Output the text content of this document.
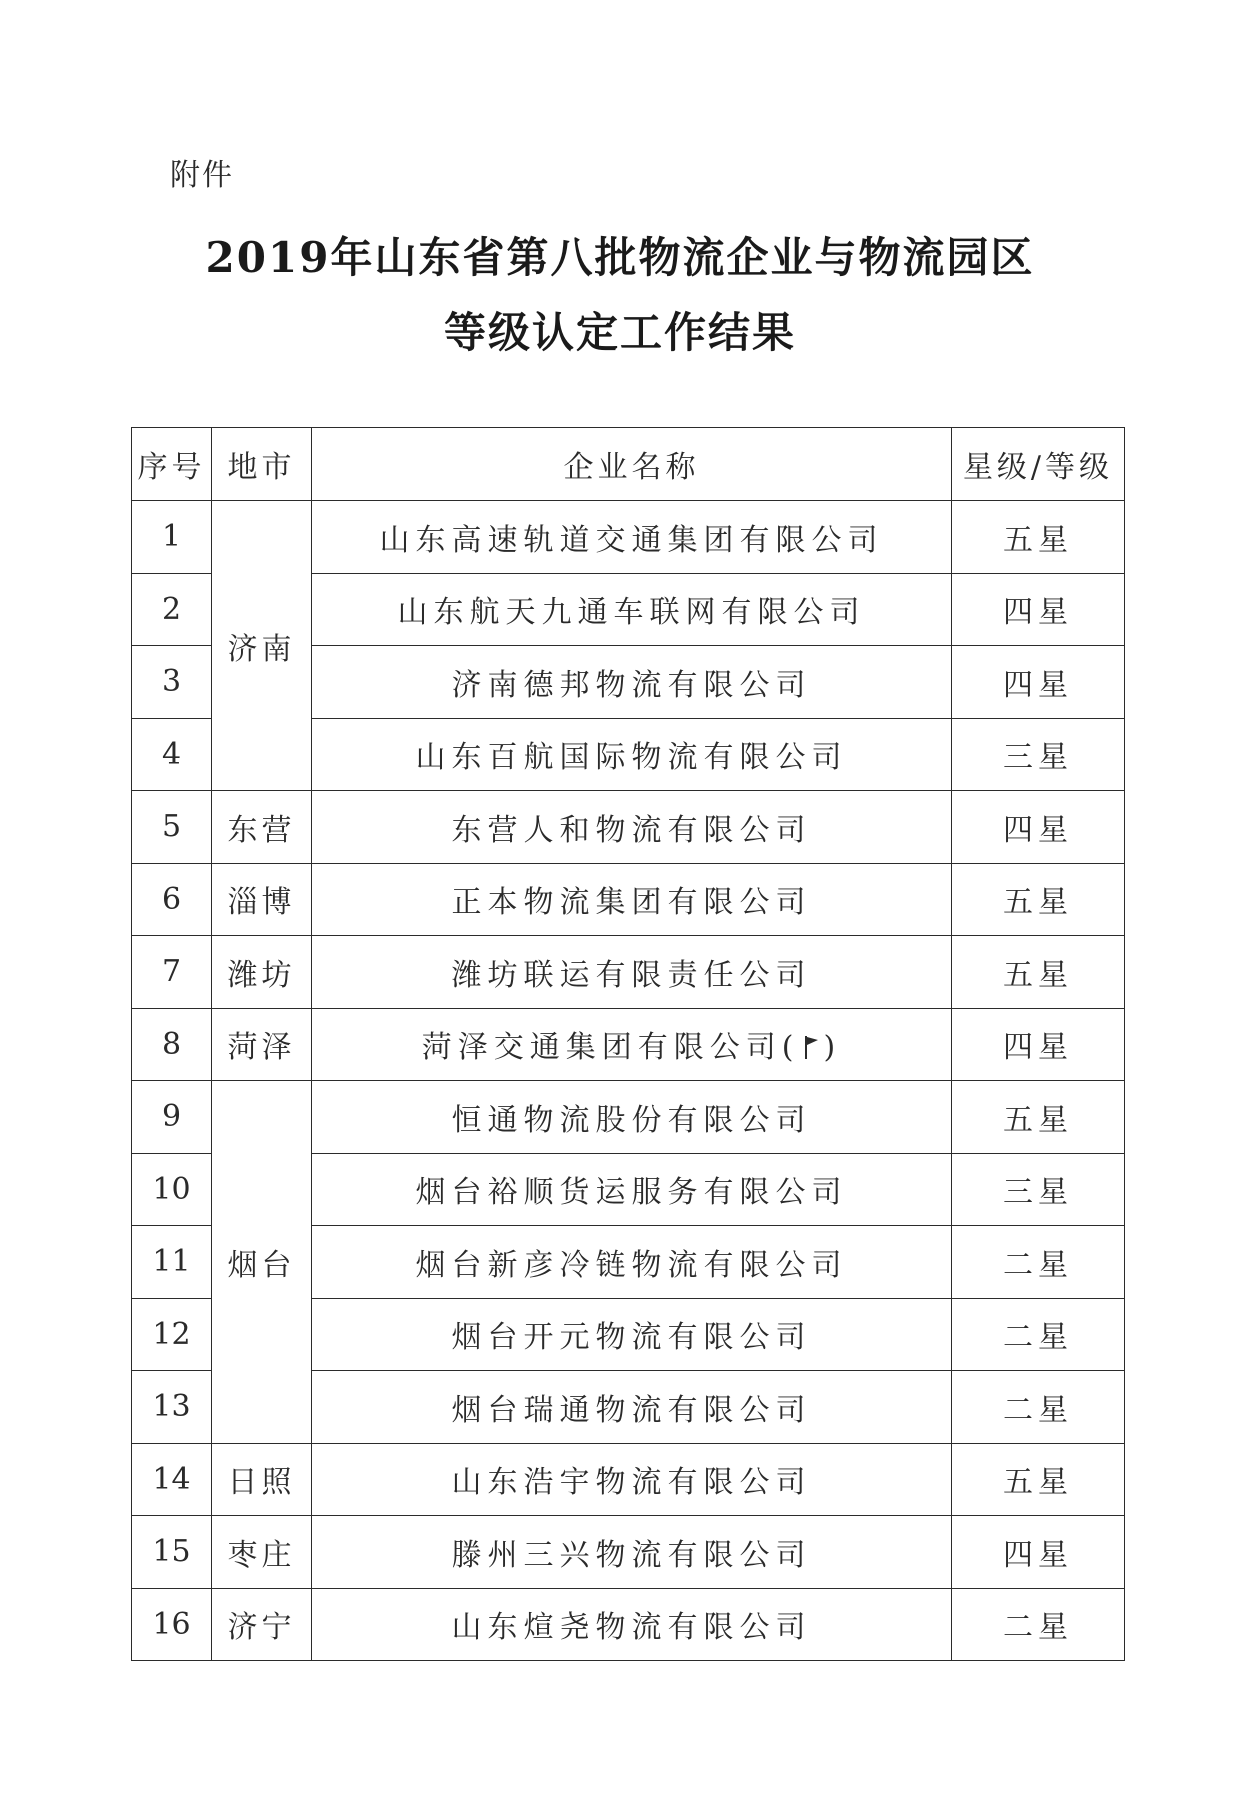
附件
2019年山东省第八批物流企业与物流园区
等级认定工作结果
序号	地市	企业名称	星级/等级
1	济南	山东高速轨道交通集团有限公司	五星
2		山东航天九通车联网有限公司	四星
3		济南德邦物流有限公司	四星
4		山东百航国际物流有限公司	三星
5	东营	东营人和物流有限公司	四星
6	淄博	正本物流集团有限公司	五星
7	潍坊	潍坊联运有限责任公司	五星
8	菏泽	菏泽交通集团有限公司( )	四星
9	烟台	恒通物流股份有限公司	五星
10		烟台裕顺货运服务有限公司	三星
11		烟台新彦冷链物流有限公司	二星
12		烟台开元物流有限公司	二星
13		烟台瑞通物流有限公司	二星
14	日照	山东浩宇物流有限公司	五星
15	枣庄	滕州三兴物流有限公司	四星
16	济宁	山东煊尧物流有限公司	二星
